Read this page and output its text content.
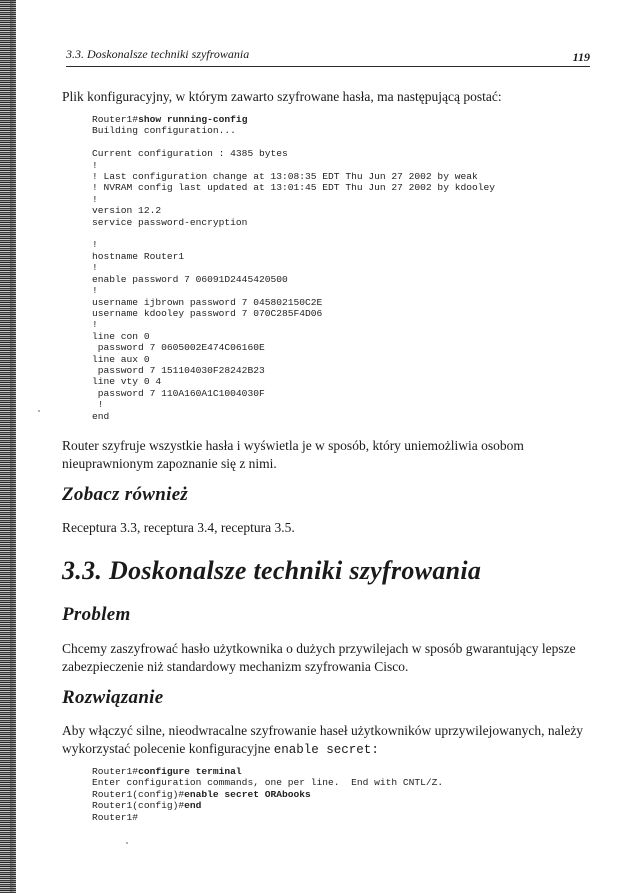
3.3. Doskonalsze techniki szyfrowania	119

Plik konfiguracyjny, w którym zawarto szyfrowane hasła, ma następującą postać:

Router1#show running-config
Building configuration...

Current configuration : 4385 bytes
!
! Last configuration change at 13:08:35 EDT Thu Jun 27 2002 by weak
! NVRAM config last updated at 13:01:45 EDT Thu Jun 27 2002 by kdooley
!
version 12.2
service password-encryption

!
hostname Router1
!
enable password 7 06091D2445420500
!
username ijbrown password 7 045802150C2E
username kdooley password 7 070C285F4D06
!
line con 0
password 7 0605002E474C06160E
line aux 0
password 7 151104030F28242B23
line vty 0 4
password 7 110A160A1C1004030F
!
end

Router szyfruje wszystkie hasła i wyświetla je w sposób, który uniemożliwia osobom nieuprawnionym zapoznanie się z nimi.

Zobacz również

Receptura 3.3, receptura 3.4, receptura 3.5.

3.3. Doskonalsze techniki szyfrowania
Problem

Chcemy zaszyfrować hasło użytkownika o dużych przywilejach w sposób gwarantujący lepsze zabezpieczenie niż standardowy mechanizm szyfrowania Cisco.

Rozwiązanie

Aby włączyć silne, nieodwracalne szyfrowanie haseł użytkowników uprzywilejowanych, należy wykorzystać polecenie konfiguracyjne enable secret:

Router1#configure terminal
Enter configuration commands, one per line.  End with CNTL/Z.
Router1(config)#enable secret ORAbooks
Router1(config)#end
Router1#
